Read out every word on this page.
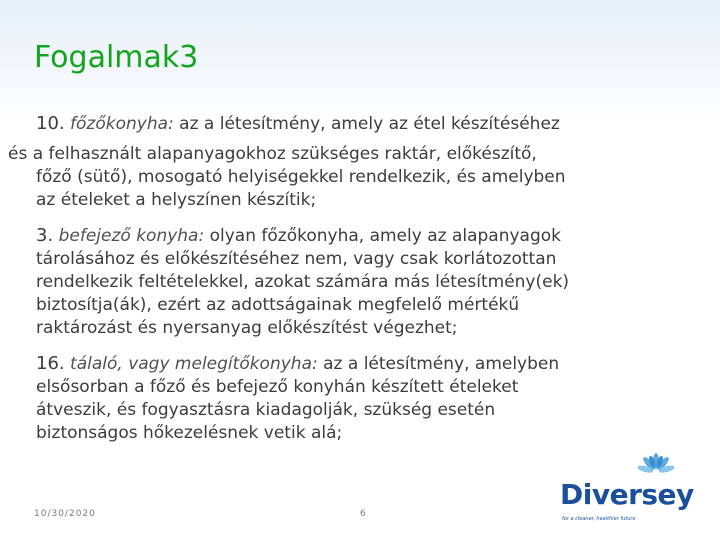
Fogalmak3
10. főzőkonyha: az a létesítmény, amely az étel készítéséhez
és a felhasznált alapanyagokhoz szükséges raktár, előkészítő,
főző (sütő), mosogató helyiségekkel rendelkezik, és amelyben
az ételeket a helyszínen készítik;
3. befejező konyha: olyan főzőkonyha, amely az alapanyagok
tárolásához és előkészítéséhez nem, vagy csak korlátozottan
rendelkezik feltételekkel, azokat számára más létesítmény(ek)
biztosítja(ák), ezért az adottságainak megfelelő mértékű
raktározást és nyersanyag előkészítést végezhet;
16. tálaló, vagy melegítőkonyha: az a létesítmény, amelyben
elsősorban a főző és befejező konyhán készített ételeket
átveszik, és fogyasztásra kiadagolják, szükség esetén
biztonságos hőkezelésnek vetik alá;
10/30/2020	6
Diversey
for a cleaner, healthier future
